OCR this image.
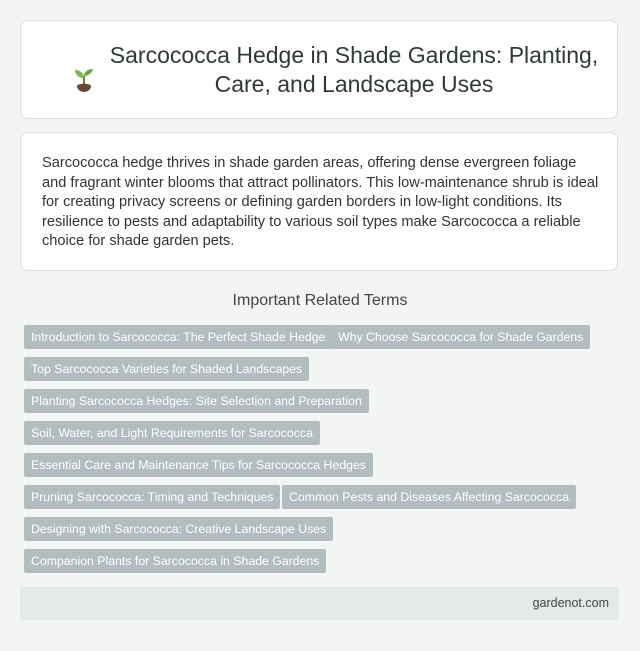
Sarcococca Hedge in Shade Gardens: Planting, Care, and Landscape Uses
Sarcococca hedge thrives in shade garden areas, offering dense evergreen foliage and fragrant winter blooms that attract pollinators. This low-maintenance shrub is ideal for creating privacy screens or defining garden borders in low-light conditions. Its resilience to pests and adaptability to various soil types make Sarcococca a reliable choice for shade garden pets.
Important Related Terms
Introduction to Sarcococca: The Perfect Shade Hedge	Why Choose Sarcococca for Shade Gardens
Top Sarcococca Varieties for Shaded Landscapes
Planting Sarcococca Hedges: Site Selection and Preparation
Soil, Water, and Light Requirements for Sarcococca
Essential Care and Maintenance Tips for Sarcococca Hedges
Pruning Sarcococca: Timing and Techniques	Common Pests and Diseases Affecting Sarcococca
Designing with Sarcococca: Creative Landscape Uses
Companion Plants for Sarcococca in Shade Gardens
gardenot.com
